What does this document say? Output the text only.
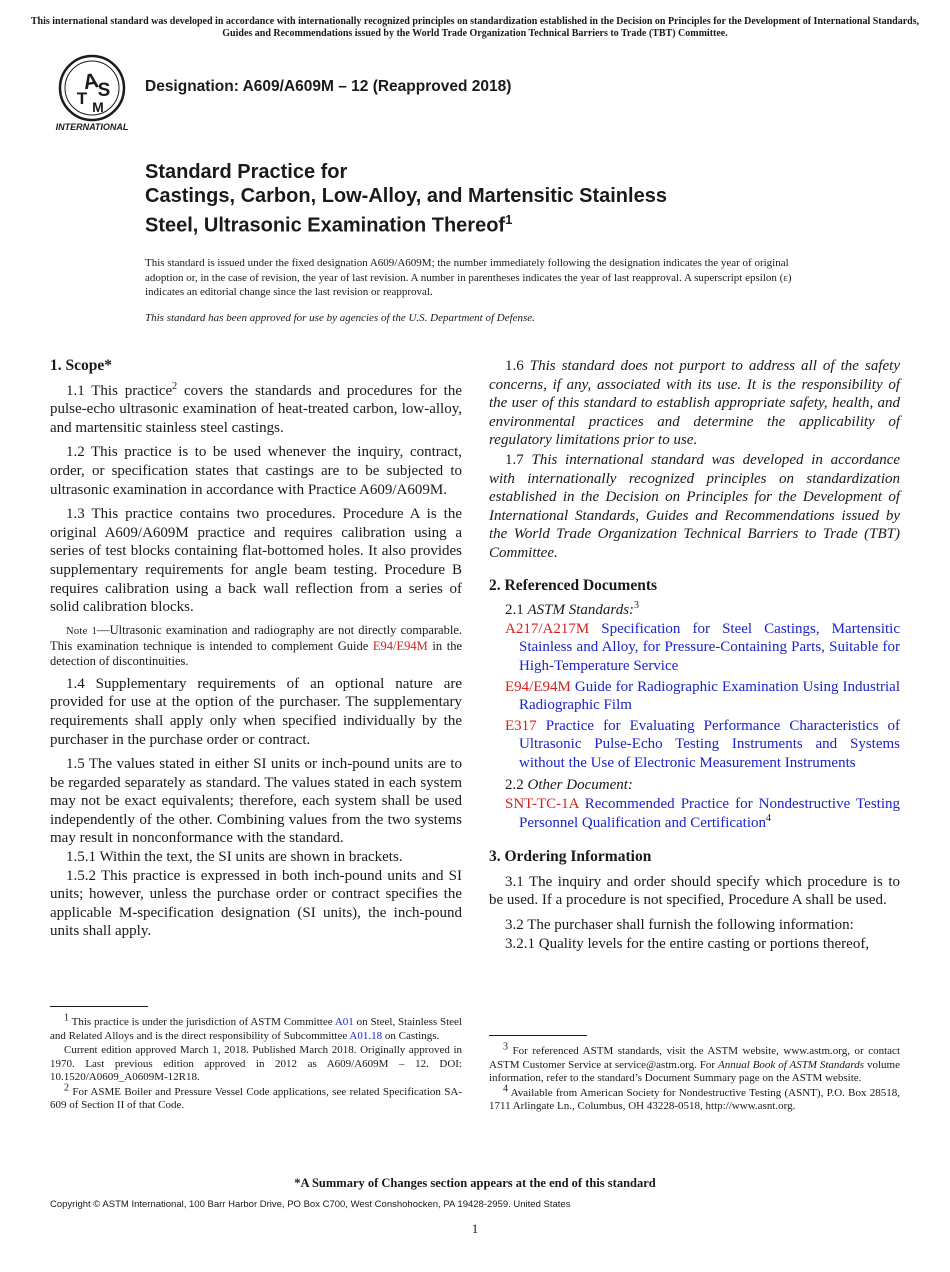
This international standard was developed in accordance with internationally recognized principles on standardization established in the Decision on Principles for the Development of International Standards, Guides and Recommendations issued by the World Trade Organization Technical Barriers to Trade (TBT) Committee.
A
S
T M
INTERNATIONAL
Designation: A609/A609M – 12 (Reapproved 2018)
Standard Practice for
Castings, Carbon, Low-Alloy, and Martensitic Stainless
Steel, Ultrasonic Examination Thereof$^1$
This standard is issued under the fixed designation A609/A609M; the number immediately following the designation indicates the year of original adoption or, in the case of revision, the year of last revision. A number in parentheses indicates the year of last reapproval. A superscript epsilon (ε) indicates an editorial change since the last revision or reapproval.
This standard has been approved for use by agencies of the U.S. Department of Defense.
1. Scope*
1.1 This practice$^2$ covers the standards and procedures for the pulse-echo ultrasonic examination of heat-treated carbon, low-alloy, and martensitic stainless steel castings.
1.2 This practice is to be used whenever the inquiry, contract, order, or specification states that castings are to be subjected to ultrasonic examination in accordance with Practice A609/A609M.
1.3 This practice contains two procedures. Procedure A is the original A609/A609M practice and requires calibration using a series of test blocks containing flat-bottomed holes. It also provides supplementary requirements for angle beam testing. Procedure B requires calibration using a back wall reflection from a series of solid calibration blocks.
Note 1—Ultrasonic examination and radiography are not directly comparable. This examination technique is intended to complement Guide E94/E94M in the detection of discontinuities.
1.4 Supplementary requirements of an optional nature are provided for use at the option of the purchaser. The supplementary requirements shall apply only when specified individually by the purchaser in the purchase order or contract.
1.5 The values stated in either SI units or inch-pound units are to be regarded separately as standard. The values stated in each system may not be exact equivalents; therefore, each system shall be used independently of the other. Combining values from the two systems may result in nonconformance with the standard.
1.5.1 Within the text, the SI units are shown in brackets.
1.5.2 This practice is expressed in both inch-pound units and SI units; however, unless the purchase order or contract specifies the applicable M-specification designation (SI units), the inch-pound units shall apply.
1.6 This standard does not purport to address all of the safety concerns, if any, associated with its use. It is the responsibility of the user of this standard to establish appropriate safety, health, and environmental practices and determine the applicability of regulatory limitations prior to use.
1.7 This international standard was developed in accordance with internationally recognized principles on standardization established in the Decision on Principles for the Development of International Standards, Guides and Recommendations issued by the World Trade Organization Technical Barriers to Trade (TBT) Committee.
2. Referenced Documents
2.1 ASTM Standards:$^3$
A217/A217M Specification for Steel Castings, Martensitic Stainless and Alloy, for Pressure-Containing Parts, Suitable for High-Temperature Service
E94/E94M Guide for Radiographic Examination Using Industrial Radiographic Film
E317 Practice for Evaluating Performance Characteristics of Ultrasonic Pulse-Echo Testing Instruments and Systems without the Use of Electronic Measurement Instruments
2.2 Other Document:
SNT-TC-1A Recommended Practice for Nondestructive Testing Personnel Qualification and Certification$^4$
3. Ordering Information
3.1 The inquiry and order should specify which procedure is to be used. If a procedure is not specified, Procedure A shall be used.
3.2 The purchaser shall furnish the following information:
3.2.1 Quality levels for the entire casting or portions thereof,

1 This practice is under the jurisdiction of ASTM Committee A01 on Steel, Stainless Steel and Related Alloys and is the direct responsibility of Subcommittee A01.18 on Castings.

Current edition approved March 1, 2018. Published March 2018. Originally approved in 1970. Last previous edition approved in 2012 as A609/A609M – 12. DOI: 10.1520/A0609_A0609M-12R18.

2 For ASME Boiler and Pressure Vessel Code applications, see related Specification SA-609 of Section II of that Code.

3 For referenced ASTM standards, visit the ASTM website, www.astm.org, or contact ASTM Customer Service at service@astm.org. For Annual Book of ASTM Standards volume information, refer to the standard’s Document Summary page on the ASTM website.

4 Available from American Society for Nondestructive Testing (ASNT), P.O. Box 28518, 1711 Arlingate Ln., Columbus, OH 43228-0518, http://www.asnt.org.

*A Summary of Changes section appears at the end of this standard
Copyright © ASTM International, 100 Barr Harbor Drive, PO Box C700, West Conshohocken, PA 19428-2959. United States
1
